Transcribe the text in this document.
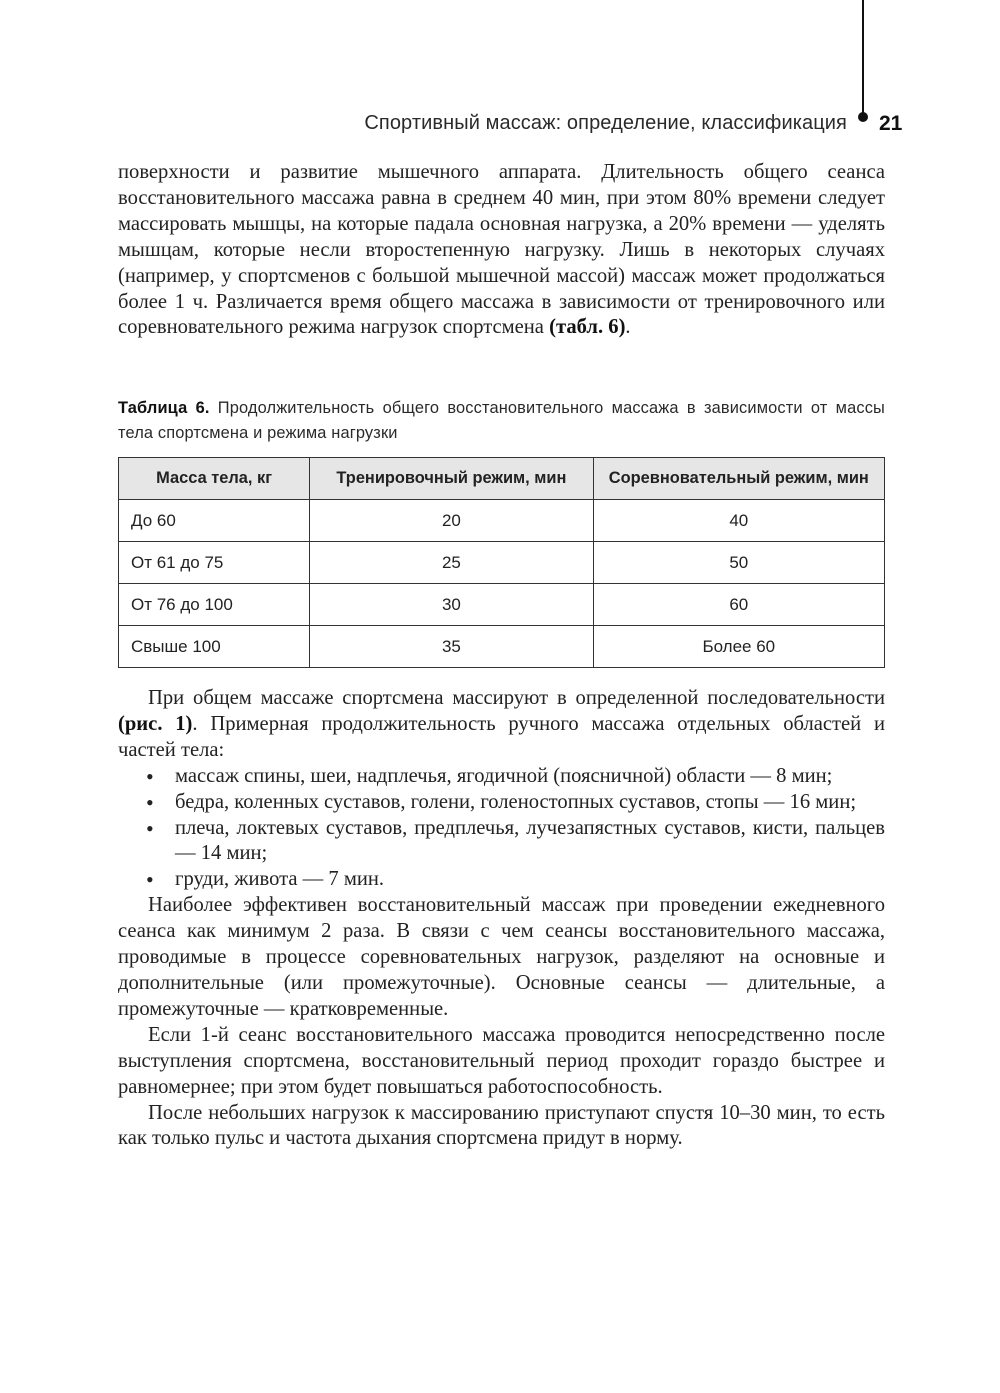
Спортивный массаж: определение, классификация 21

поверхности и развитие мышечного аппарата. Длительность общего сеанса восстановительного массажа равна в среднем 40 мин, при этом 80% времени следует массировать мышцы, на которые падала основная нагрузка, а 20% времени — уделять мышцам, которые несли второстепенную нагрузку. Лишь в некоторых случаях (например, у спортсменов с большой мышечной массой) массаж может продолжаться более 1 ч. Различается время общего массажа в зависимости от тренировочного или соревновательного режима нагрузок спортсмена (табл. 6).

Таблица 6. Продолжительность общего восстановительного массажа в зависимости от массы тела спортсмена и режима нагрузки
Масса тела, кг	Тренировочный режим, мин	Соревновательный режим, мин
До 60	20	40
От 61 до 75	25	50
От 76 до 100	30	60
Свыше 100	35	Более 60

При общем массаже спортсмена массируют в определенной последовательности (рис. 1). Примерная продолжительность ручного массажа отдельных областей и частей тела:

• массаж спины, шеи, надплечья, ягодичной (поясничной) области — 8 мин;
• бедра, коленных суставов, голени, голеностопных суставов, стопы — 16 мин;
• плеча, локтевых суставов, предплечья, лучезапястных суставов, кисти, пальцев — 14 мин;
• груди, живота — 7 мин.

Наиболее эффективен восстановительный массаж при проведении ежедневного сеанса как минимум 2 раза. В связи с чем сеансы восстановительного массажа, проводимые в процессе соревновательных нагрузок, разделяют на основные и дополнительные (или промежуточные). Основные сеансы — длительные, а промежуточные — кратковременные.

Если 1-й сеанс восстановительного массажа проводится непосредственно после выступления спортсмена, восстановительный период проходит гораздо быстрее и равномернее; при этом будет повышаться работоспособность.

После небольших нагрузок к массированию приступают спустя 10–30 мин, то есть как только пульс и частота дыхания спортсмена придут в норму.
